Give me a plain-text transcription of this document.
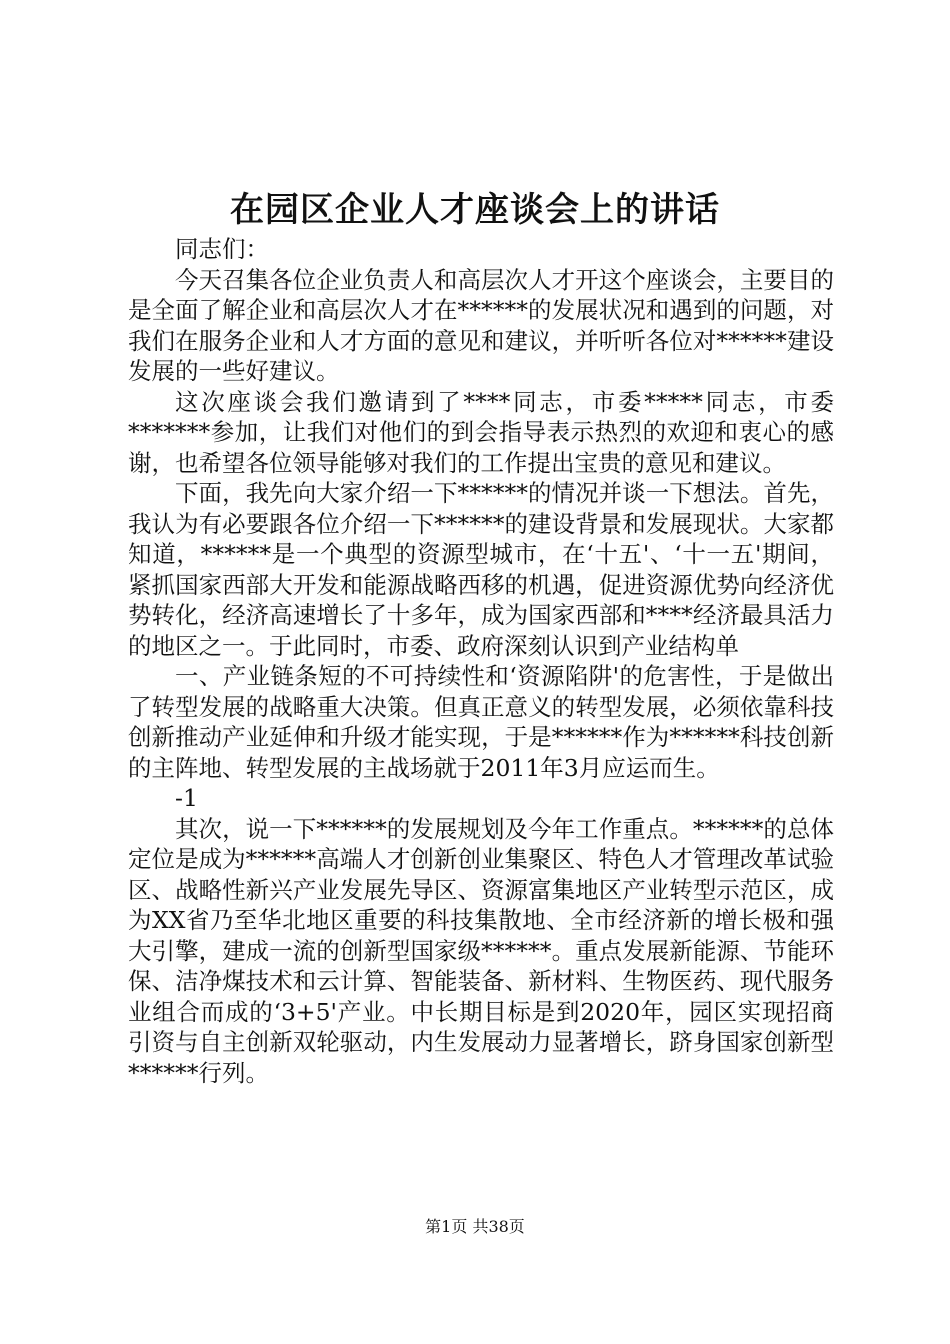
在园区企业人才座谈会上的讲话

同志们：

今天召集各位企业负责人和高层次人才开这个座谈会，主要目的是全面了解企业和高层次人才在******的发展状况和遇到的问题，对我们在服务企业和人才方面的意见和建议，并听听各位对******建设发展的一些好建议。

这次座谈会我们邀请到了****同志，市委*****同志，市委*******参加，让我们对他们的到会指导表示热烈的欢迎和衷心的感谢，也希望各位领导能够对我们的工作提出宝贵的意见和建议。

下面，我先向大家介绍一下******的情况并谈一下想法。首先，我认为有必要跟各位介绍一下******的建设背景和发展现状。大家都知道，******是一个典型的资源型城市，在‘十五'、‘十一五'期间，紧抓国家西部大开发和能源战略西移的机遇，促进资源优势向经济优势转化，经济高速增长了十多年，成为国家西部和****经济最具活力的地区之一。于此同时，市委、政府深刻认识到产业结构单

一、产业链条短的不可持续性和‘资源陷阱'的危害性，于是做出了转型发展的战略重大决策。但真正意义的转型发展，必须依靠科技创新推动产业延伸和升级才能实现，于是******作为******科技创新的主阵地、转型发展的主战场就于2011年3月应运而生。

-1

其次，说一下******的发展规划及今年工作重点。******的总体定位是成为******高端人才创新创业集聚区、特色人才管理改革试验区、战略性新兴产业发展先导区、资源富集地区产业转型示范区，成为XX省乃至华北地区重要的科技集散地、全市经济新的增长极和强大引擎，建成一流的创新型国家级******。重点发展新能源、节能环保、洁净煤技术和云计算、智能装备、新材料、生物医药、现代服务业组合而成的‘3+5'产业。中长期目标是到2020年，园区实现招商引资与自主创新双轮驱动，内生发展动力显著增长，跻身国家创新型******行列。

第1页 共38页
